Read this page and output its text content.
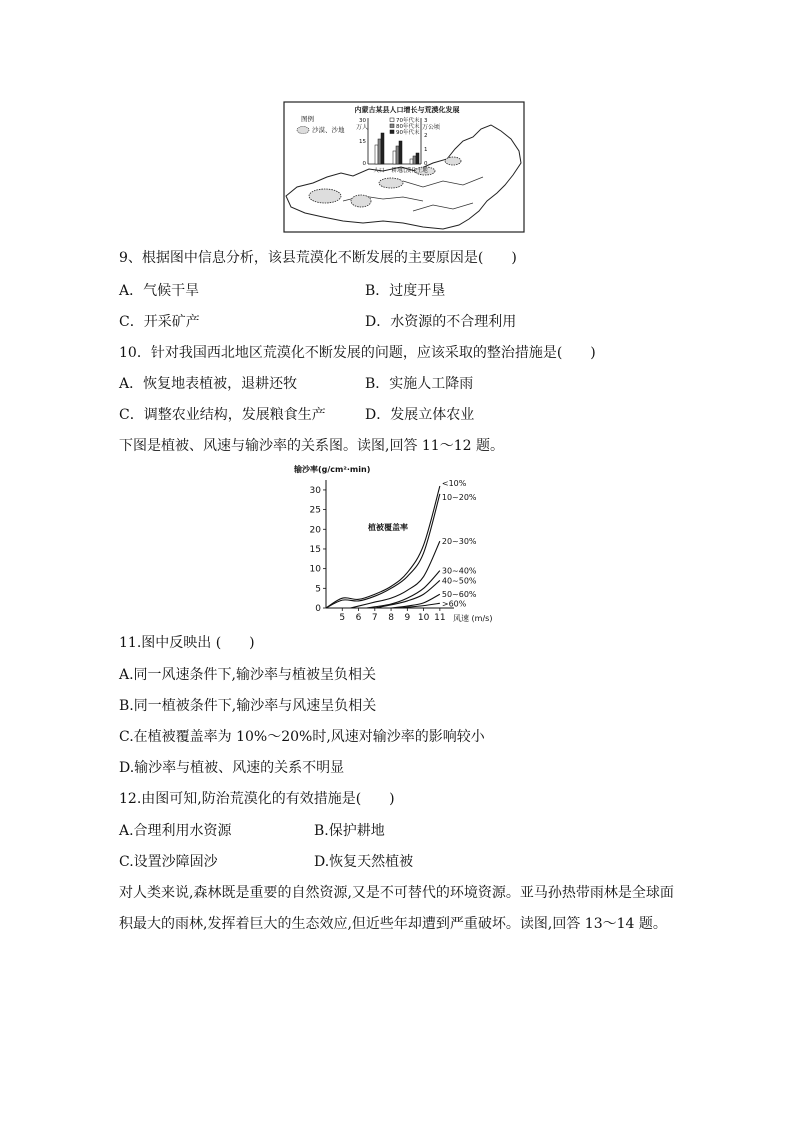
内蒙古某县人口增长与荒漠化发展
图例
沙漠、沙地 万人	万公顷
30
15
0
3
2
1
0
70年代末
80年代末
90年代末
人口 耕地
荒漠化土地
9、根据图中信息分析，该县荒漠化不断发展的主要原因是(　　)
A．气候干旱	B．过度开垦
C．开采矿产	D．水资源的不合理利用
10．针对我国西北地区荒漠化不断发展的问题，应该采取的整治措施是(　　)
A．恢复地表植被，退耕还牧	B．实施人工降雨
C．调整农业结构，发展粮食生产	D．发展立体农业
下图是植被、风速与输沙率的关系图。读图,回答 11～12 题。
输沙率(g/cm²·min)
植被覆盖率
风速 (m/s)
0
5
10
15
20
25
30
5 6 7 8 9 10 11
<10%
10~20%
20~30%
30~40%
40~50%
50~60%
>60%
11.图中反映出 (　　)
A.同一风速条件下,输沙率与植被呈负相关
B.同一植被条件下,输沙率与风速呈负相关
C.在植被覆盖率为 10%～20%时,风速对输沙率的影响较小
D.输沙率与植被、风速的关系不明显
12.由图可知,防治荒漠化的有效措施是(　　)
A.合理利用水资源	B.保护耕地
C.设置沙障固沙	D.恢复天然植被
对人类来说,森林既是重要的自然资源,又是不可替代的环境资源。亚马孙热带雨林是全球面
积最大的雨林,发挥着巨大的生态效应,但近些年却遭到严重破坏。读图,回答 13～14 题。
